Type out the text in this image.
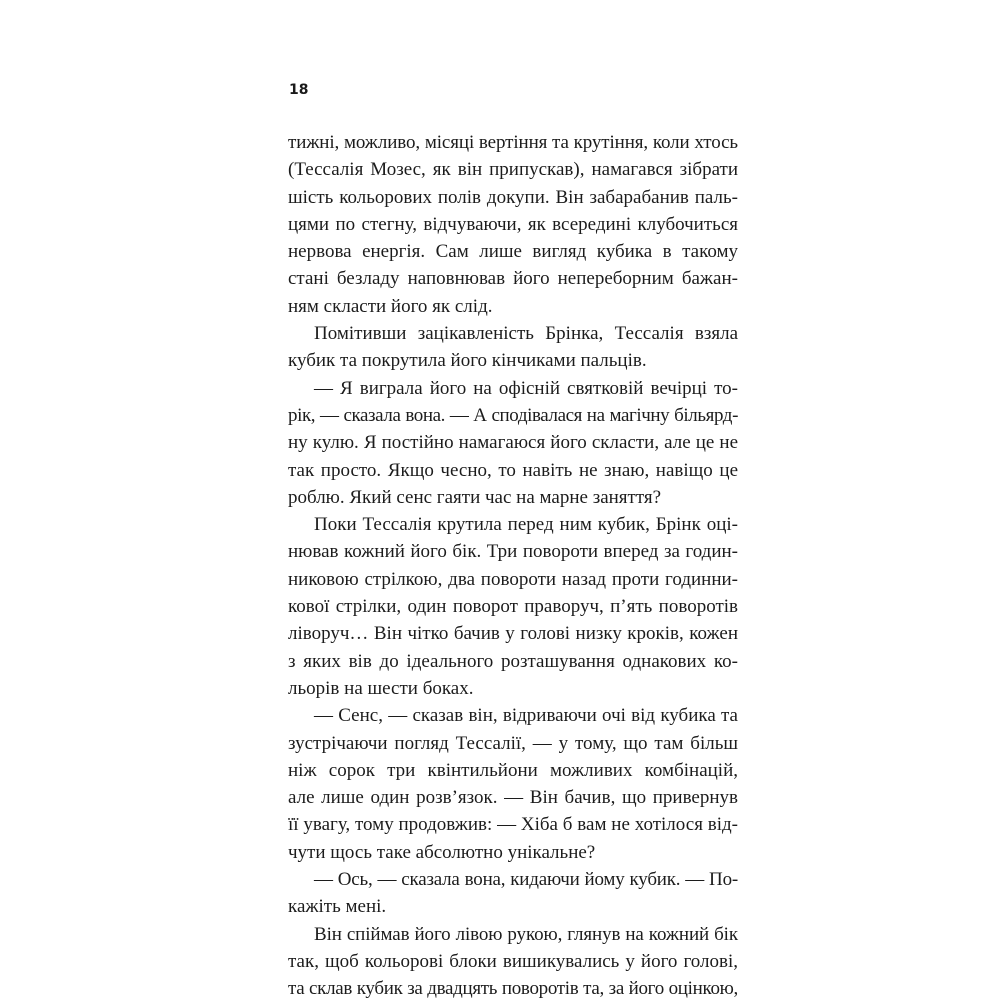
18
тижні, можливо, місяці вертіння та крутіння, коли хтось
(Тессалія Мозес, як він припускав), намагався зібрати
шість кольорових полів докупи. Він забарабанив паль-
цями по стегну, відчуваючи, як всередині клубочиться
нервова енергія. Сам лише вигляд кубика в такому
стані безладу наповнював його непереборним бажан-
ням скласти його як слід.
Помітивши зацікавленість Брінка, Тессалія взяла
кубик та покрутила його кінчиками пальців.
— Я виграла його на офісній святковій вечірці то-
рік, — сказала вона. — А сподівалася на магічну більярд-
ну кулю. Я постійно намагаюся його скласти, але це не
так просто. Якщо чесно, то навіть не знаю, навіщо це
роблю. Який сенс гаяти час на марне заняття?
Поки Тессалія крутила перед ним кубик, Брінк оці-
нював кожний його бік. Три повороти вперед за годин-
никовою стрілкою, два повороти назад проти годинни-
кової стрілки, один поворот праворуч, п’ять поворотів
ліворуч… Він чітко бачив у голові низку кроків, кожен
з яких вів до ідеального розташування однакових ко-
льорів на шести боках.
— Сенс, — сказав він, відриваючи очі від кубика та
зустрічаючи погляд Тессалії, — у тому, що там більш
ніж сорок три квінтильйони можливих комбінацій,
але лише один розв’язок. — Він бачив, що привернув
її увагу, тому продовжив: — Хіба б вам не хотілося від-
чути щось таке абсолютно унікальне?
— Ось, — сказала вона, кидаючи йому кубик. — По-
кажіть мені.
Він спіймав його лівою рукою, глянув на кожний бік
так, щоб кольорові блоки вишикувались у його голові,
та склав кубик за двадцять поворотів та, за його оцінкою,
